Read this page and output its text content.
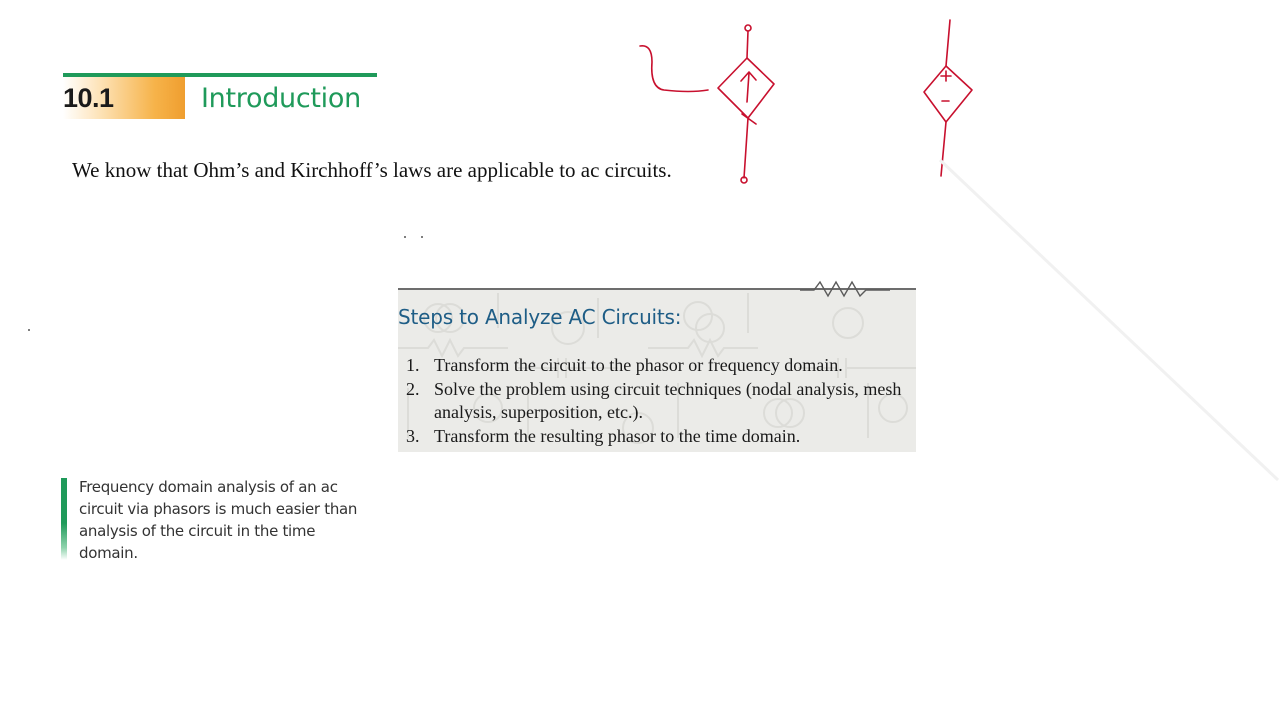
10.1	Introduction
We know that Ohm’s and Kirchhoff’s laws are applicable to ac circuits.
Steps to Analyze AC Circuits:
1. Transform the circuit to the phasor or frequency domain.
2. Solve the problem using circuit techniques (nodal analysis, mesh analysis, superposition, etc.).
3. Transform the resulting phasor to the time domain.
Frequency domain analysis of an ac circuit via phasors is much easier than analysis of the circuit in the time domain.
